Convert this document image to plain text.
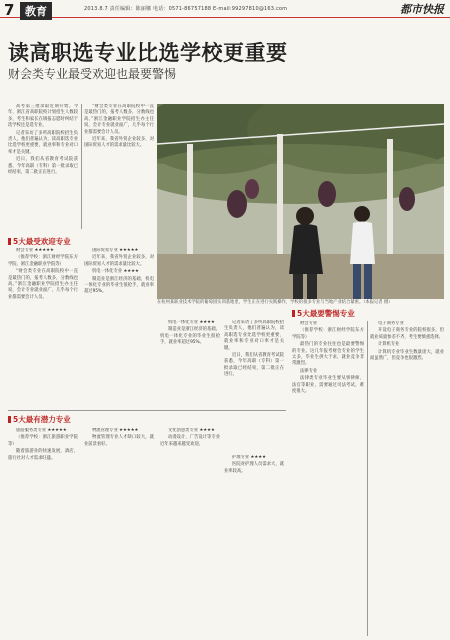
7 教育	2013.8.7 责任编辑：陈丽娜 电话：0571-86757188 E-mail:99297810@163.com	都市快报
读高职选专业比选学校更重要
财会类专业最受欢迎也最要警惕

高考第三批录取近期开始。今年，浙江省高职院校计划招生人数较多，考生和家长在填报志愿时纠结于选学校还是选专业。

记者采访了多所高职院校招生负责人，他们普遍认为，读高职选专业比选学校更重要，就业率和专业对口率才是关键。

近日，我们从省教育考试院获悉，今年高职（专科）第一批录取已经结束，第二批正在进行。

“财会类专业在高职院校中一直是最热门的，报考人数多，分数线也高。”浙江金融职业学院招生办主任说，会计专业就业面广，几乎每个行业都需要会计人员。

近年来，我省外贸企业较多，对国际贸易人才的需求量比较大。

5大最受欢迎专业

财会专业 ★★★★★

（推荐学校：浙江财经学院东方学院、浙江金融职业学院等）

“财会类专业在高职院校中一直是最热门的，报考人数多，分数线也高。”浙江金融职业学院招生办主任说，会计专业就业面广，几乎每个行业都需要会计人员。

国际贸易专业 ★★★★★

近年来，我省外贸企业较多，对国际贸易人才的需求量比较大。

机电一体化专业 ★★★★

制造业是浙江经济的基础，机电一体化专业的毕业生很抢手，就业率超过95%。

在杭州某职业技术学院的葡萄园实训基地里，学生正在进行实践操作，学校的很多专业与当地产业结合紧密。（本报记者 摄）

机电一体化专业 ★★★★

制造业是浙江经济的基础，机电一体化专业的毕业生很抢手，就业率超过95%。

记者采访了多所高职院校招生负责人，他们普遍认为，读高职选专业比选学校更重要，就业率和专业对口率才是关键。

近日，我们从省教育考试院获悉，今年高职（专科）第一批录取已经结束，第二批正在进行。

5大最要警惕专业

财会专业

（推荐学校：浙江财经学院东方学院等）

最热门的专业往往也是最要警惕的专业。这几年报考财会专业的学生太多，毕业生供大于求，就业竞争非常激烈。

法律专业

法律类专业毕业生要从事律师、法官等职业，需要通过司法考试，难度很大。

电子商务专业

开设电子商务专业的院校很多，但就业质量参差不齐，考生要慎重选择。

计算机专业

计算机专业毕业生数量庞大，就业面虽然广，但竞争也很激烈。

5大最有潜力专业

旅游服务类专业 ★★★★★

（推荐学校：浙江旅游职业学院等）

随着旅游业的快速发展，酒店、旅行社对人才需求旺盛。

物流管理专业 ★★★★★

物流管理专业人才缺口较大，就业前景看好。

文化创意类专业 ★★★★

动漫设计、广告设计等专业近年来越来越受欢迎。

护理专业 ★★★★

医院对护理人员需求大，就业率较高。
